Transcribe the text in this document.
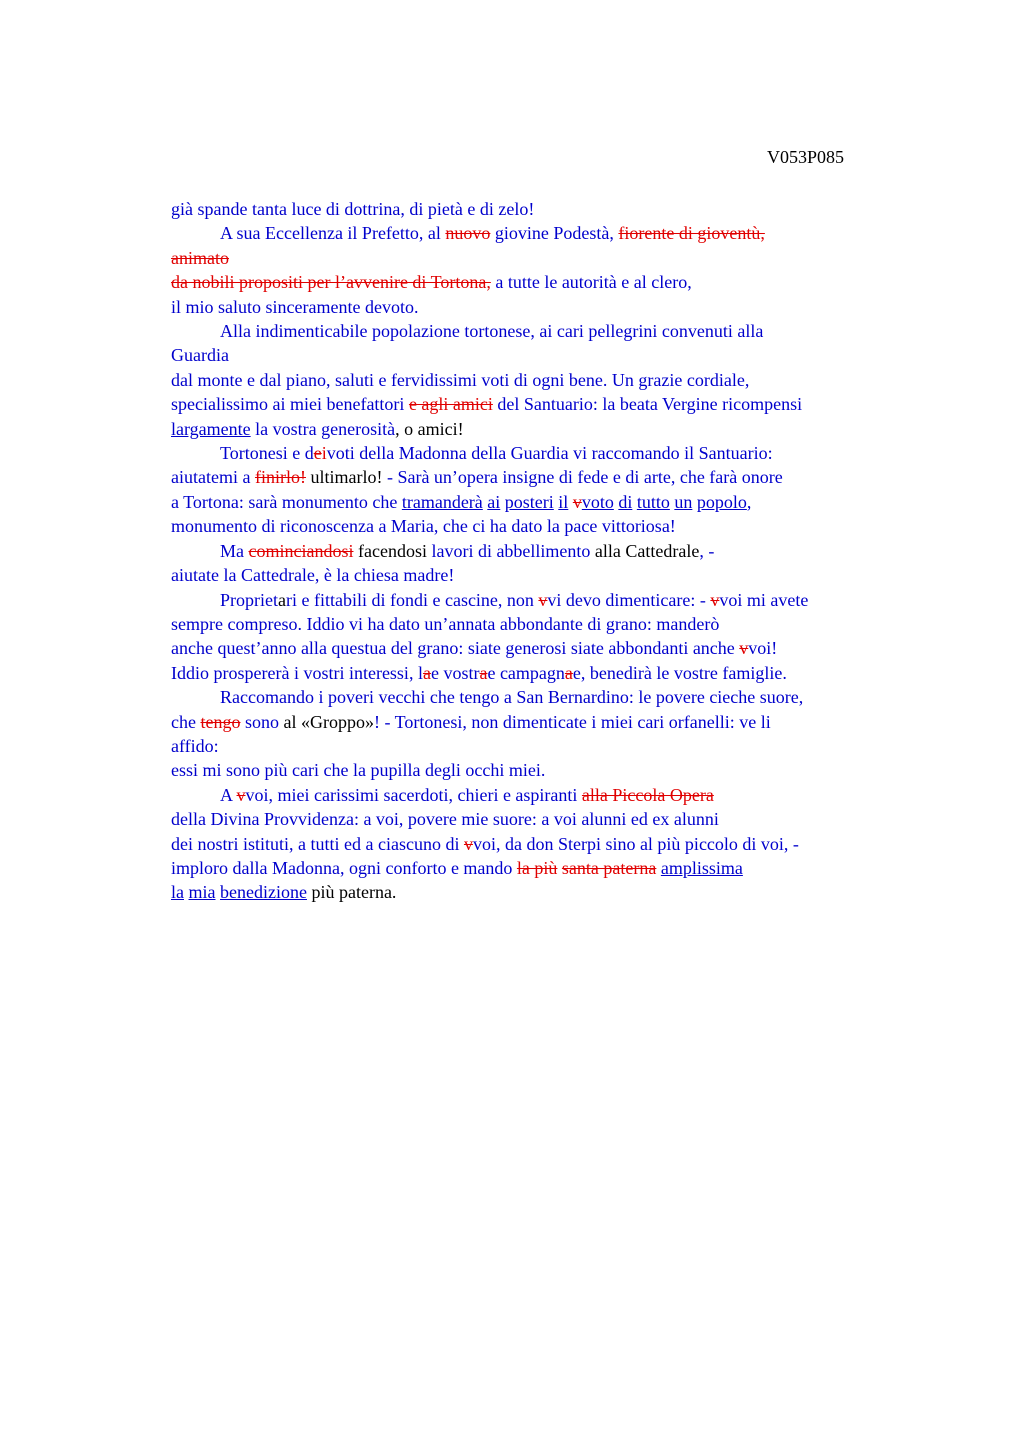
V053P085
già spande tanta luce di dottrina, di pietà e di zelo!
A sua Eccellenza il Prefetto, al nuovo giovine Podestà, fiorente di gioventù,
animato
da nobili propositi per l’avvenire di Tortona, a tutte le autorità e al clero,
il mio saluto sinceramente devoto.
Alla indimenticabile popolazione tortonese, ai cari pellegrini convenuti alla
Guardia
dal monte e dal piano, saluti e fervidissimi voti di ogni bene. Un grazie cordiale,
specialissimo ai miei benefattori e agli amici del Santuario: la beata Vergine ricompensi
largamente la vostra generosità, o amici!
Tortonesi e deivoti della Madonna della Guardia vi raccomando il Santuario:
aiutatemi a finirlo! ultimarlo! - Sarà un’opera insigne di fede e di arte, che farà onore
a Tortona: sarà monumento che tramanderà ai posteri il vvoto di tutto un popolo,
monumento di riconoscenza a Maria, che ci ha dato la pace vittoriosa!
Ma cominciandosi facendosi lavori di abbellimento alla Cattedrale, -
aiutate la Cattedrale, è la chiesa madre!
Proprietari e fittabili di fondi e cascine, non vvi devo dimenticare: - vvoi mi avete
sempre compreso. Iddio vi ha dato un’annata abbondante di grano: manderò
anche quest’anno alla questua del grano: siate generosi siate abbondanti anche vvoi!
Iddio prospererà i vostri interessi, lae vostrae campagnae, benedirà le vostre famiglie.
Raccomando i poveri vecchi che tengo a San Bernardino: le povere cieche suore,
che tengo sono al «Groppo»! - Tortonesi, non dimenticate i miei cari orfanelli: ve li
affido:
essi mi sono più cari che la pupilla degli occhi miei.
A vvoi, miei carissimi sacerdoti, chieri e aspiranti alla Piccola Opera
della Divina Provvidenza: a voi, povere mie suore: a voi alunni ed ex alunni
dei nostri istituti, a tutti ed a ciascuno di vvoi, da don Sterpi sino al più piccolo di voi, -
imploro dalla Madonna, ogni conforto e mando la più santa paterna amplissima
la mia benedizione più paterna.
